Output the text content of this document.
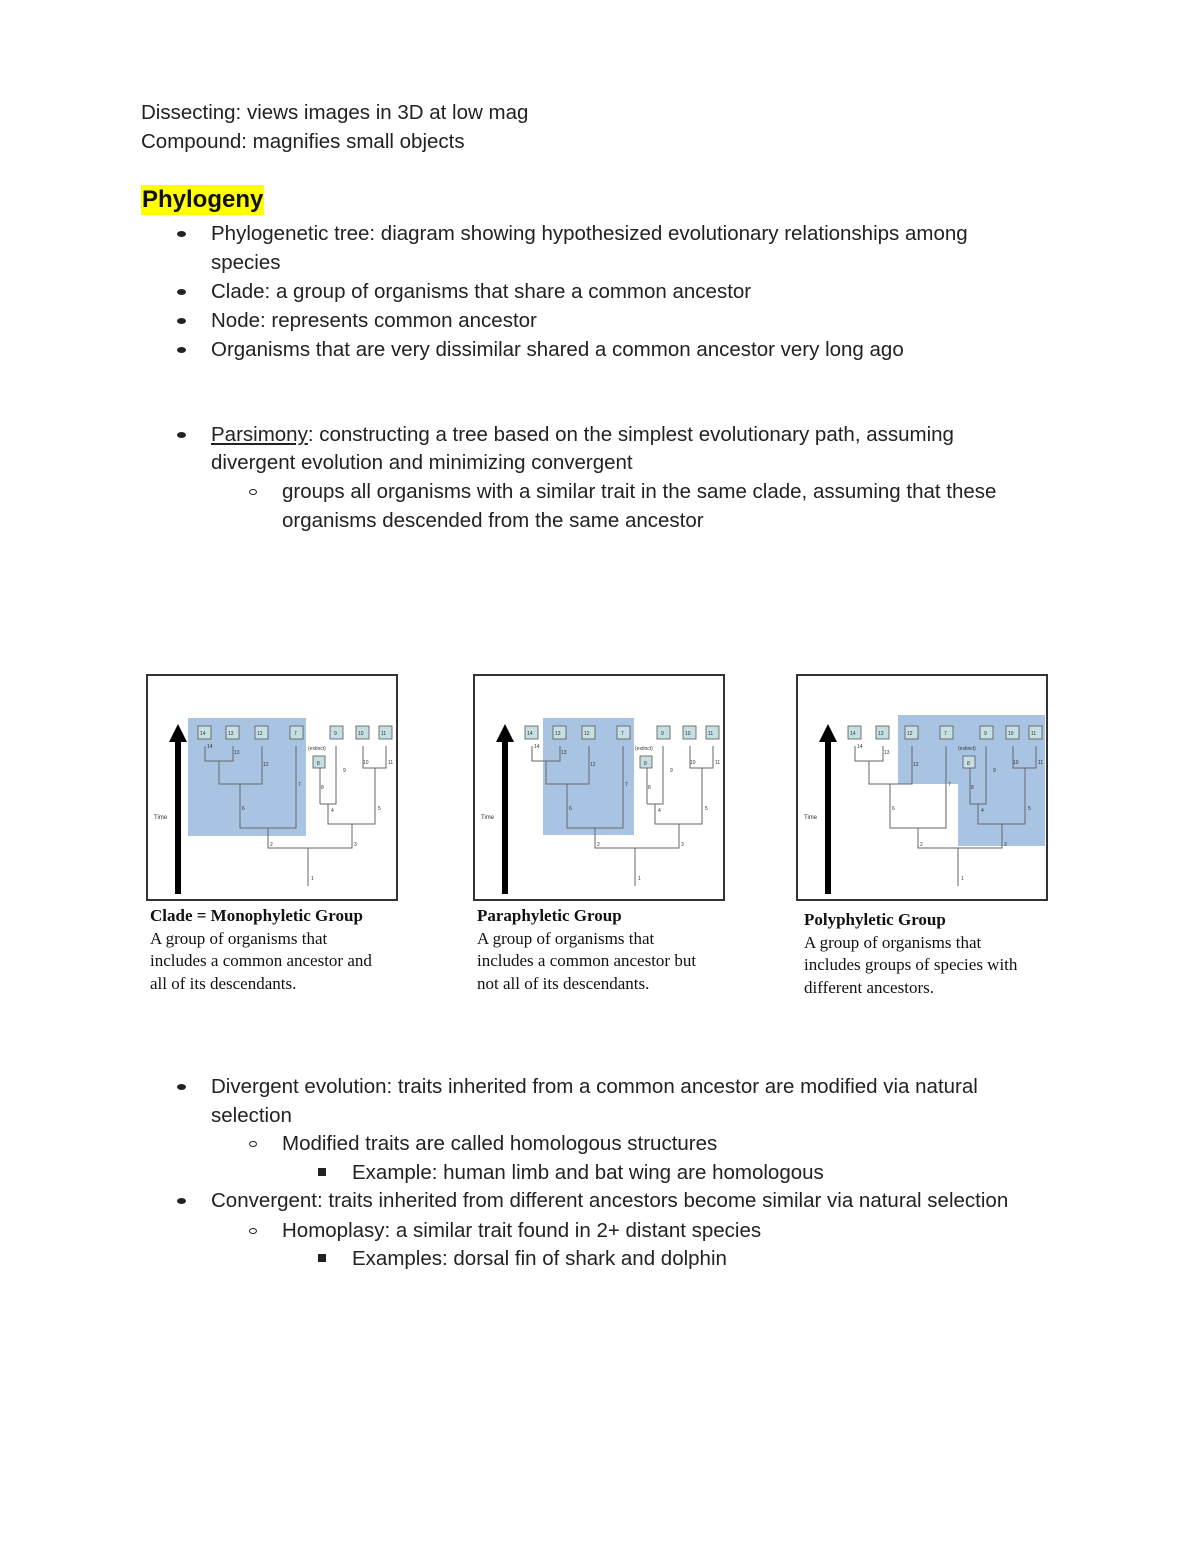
Dissecting: views images in 3D at low mag
Compound: magnifies small objects
Phylogeny
Phylogenetic tree: diagram showing hypothesized evolutionary relationships among
species
Clade: a group of organisms that share a common ancestor
Node: represents common ancestor
Organisms that are very dissimilar shared a common ancestor very long ago
Parsimony: constructing a tree based on the simplest evolutionary path, assuming
divergent evolution and minimizing convergent
groups all organisms with a similar trait in the same clade, assuming that these
organisms descended from the same ancestor
Time
14	13	12	7	9	10	11
8
(extinct)
14
13
12
7
6
8
9
10	11
4	5
2	3
1
Time
14	13	12	7	9	10	11
8
(extinct)
14
13
12
7
6
8
9
10	11
4	5
2	3
1
Time
14	13	12	7	9	10	11
8
(extinct)
14
13
12
7
6
8
9
10	11
4	5
2	3
1
Clade = Monophyletic Group
A group of organisms that
includes a common ancestor and
all of its descendants.
Paraphyletic Group
A group of organisms that
includes a common ancestor but
not all of its descendants.
Polyphyletic Group
A group of organisms that
includes groups of species with
different ancestors.
Divergent evolution: traits inherited from a common ancestor are modified via natural
selection
Modified traits are called homologous structures
Example: human limb and bat wing are homologous
Convergent: traits inherited from different ancestors become similar via natural selection
Homoplasy: a similar trait found in 2+ distant species
Examples: dorsal fin of shark and dolphin
